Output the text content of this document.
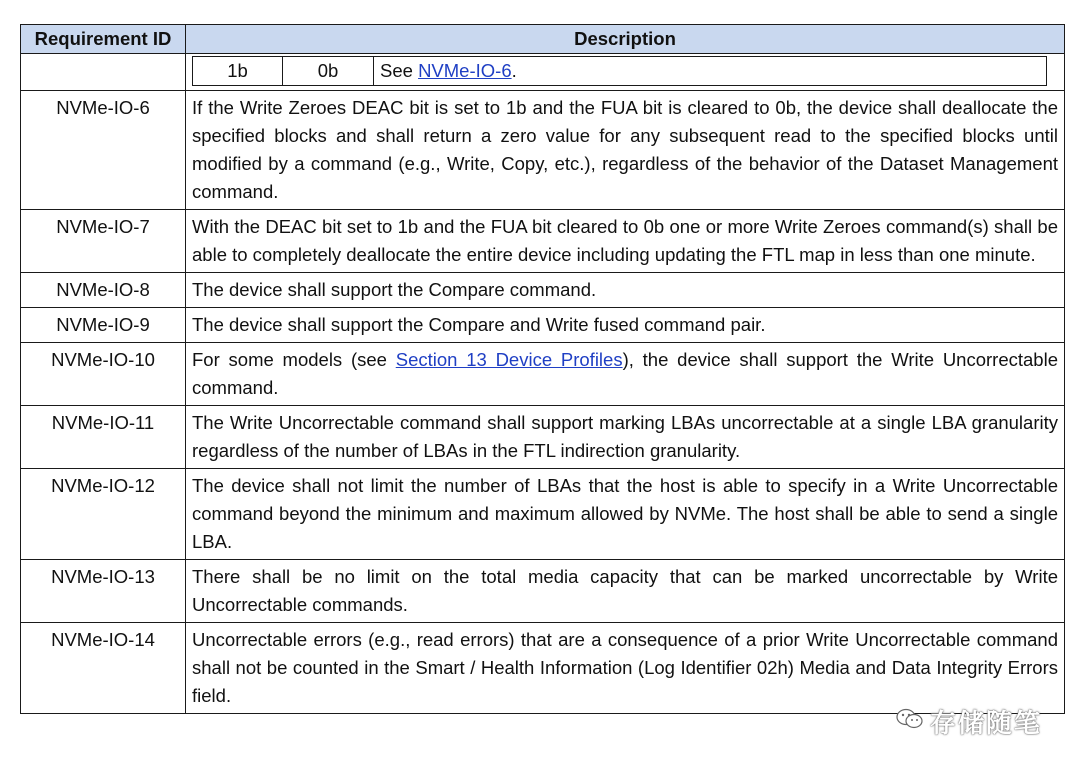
Requirement ID	Description

1b	0b	See NVMe-IO-6.

NVMe-IO-6	If the Write Zeroes DEAC bit is set to 1b and the FUA bit is cleared to 0b, the device shall deallocate the specified blocks and shall return a zero value for any subsequent read to the specified blocks until modified by a command (e.g., Write, Copy, etc.), regardless of the behavior of the Dataset Management command.
NVMe-IO-7	With the DEAC bit set to 1b and the FUA bit cleared to 0b one or more Write Zeroes command(s) shall be able to completely deallocate the entire device including updating the FTL map in less than one minute.
NVMe-IO-8	The device shall support the Compare command.
NVMe-IO-9	The device shall support the Compare and Write fused command pair.
NVMe-IO-10	For some models (see Section 13 Device Profiles), the device shall support the Write Uncorrectable command.
NVMe-IO-11	The Write Uncorrectable command shall support marking LBAs uncorrectable at a single LBA granularity regardless of the number of LBAs in the FTL indirection granularity.
NVMe-IO-12	The device shall not limit the number of LBAs that the host is able to specify in a Write Uncorrectable command beyond the minimum and maximum allowed by NVMe. The host shall be able to send a single LBA.
NVMe-IO-13	There shall be no limit on the total media capacity that can be marked uncorrectable by Write Uncorrectable commands.
NVMe-IO-14	Uncorrectable errors (e.g., read errors) that are a consequence of a prior Write Uncorrectable command shall not be counted in the Smart / Health Information (Log Identifier 02h) Media and Data Integrity Errors field.
存储随笔
